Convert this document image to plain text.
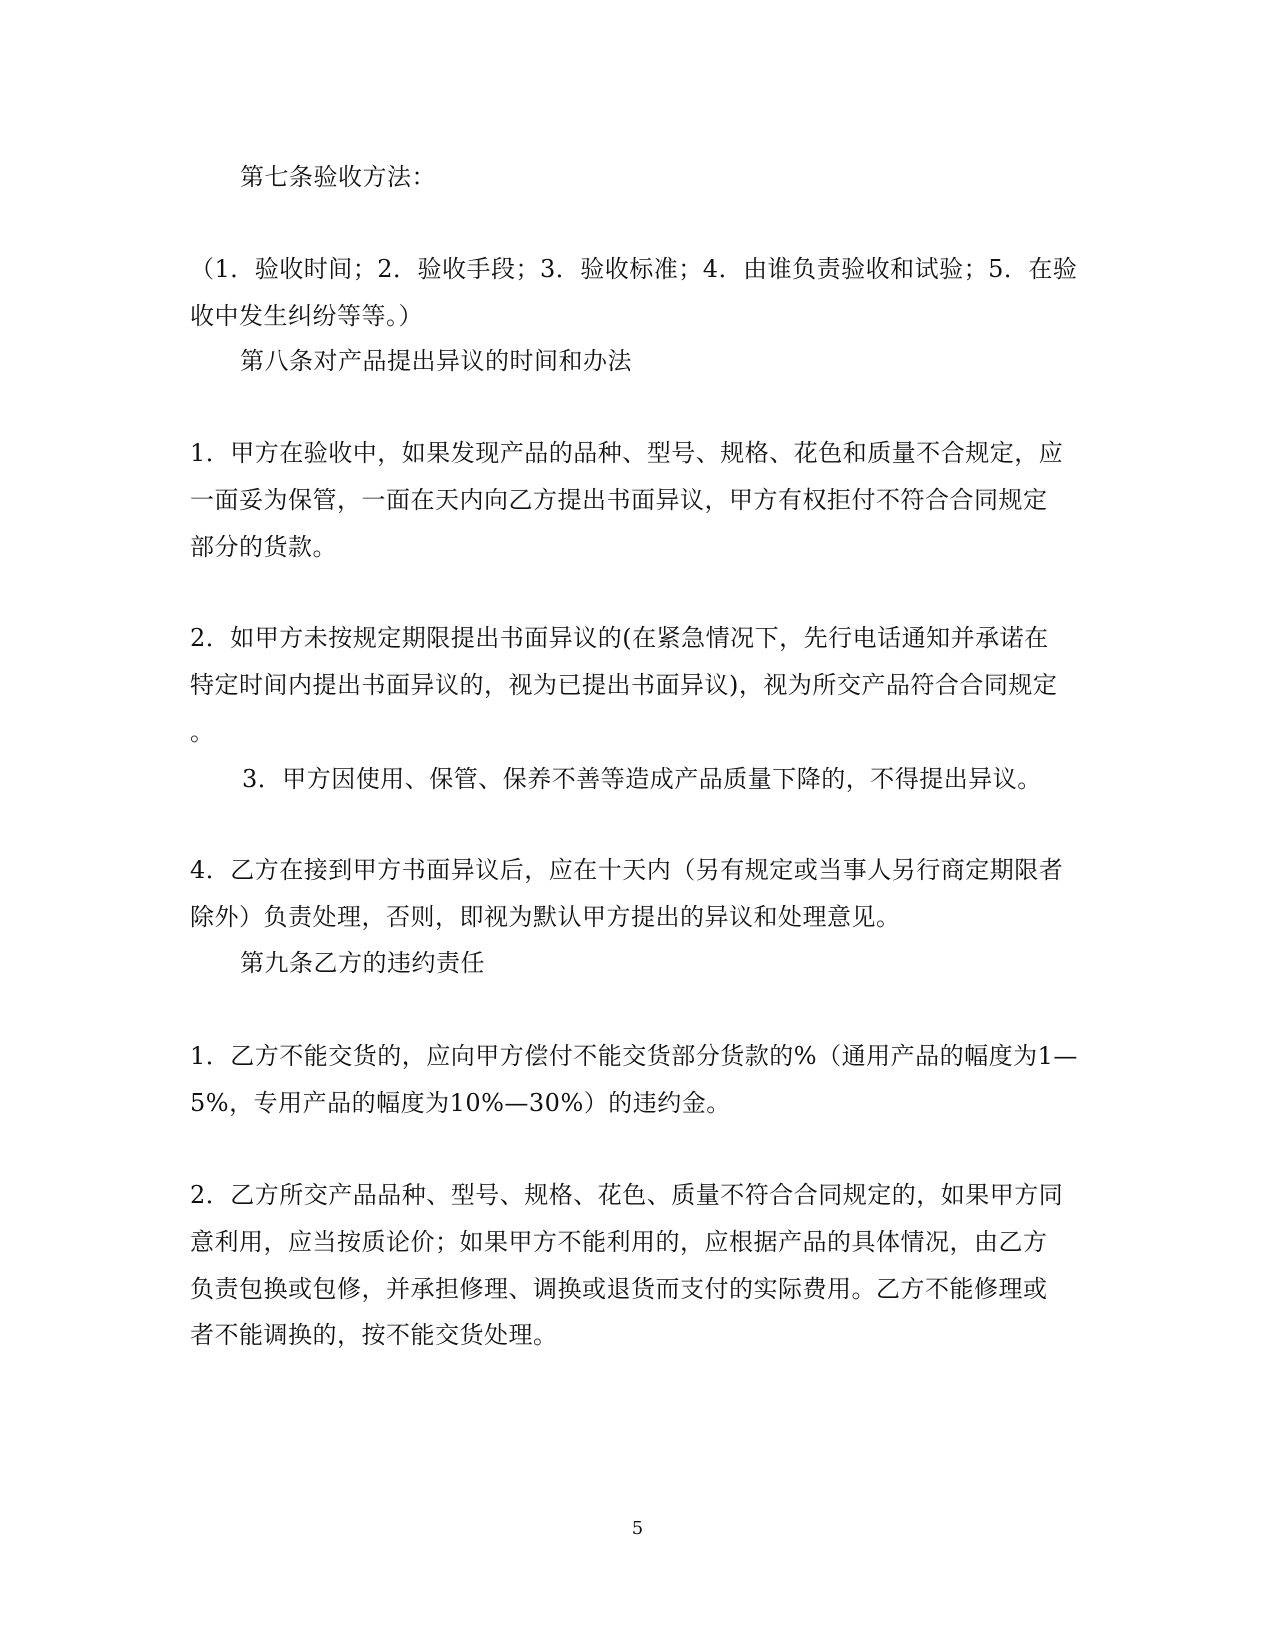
第七条验收方法：
（1．验收时间；2．验收手段；3．验收标准；4．由谁负责验收和试验；5．在验
收中发生纠纷等等。）
第八条对产品提出异议的时间和办法
1．甲方在验收中，如果发现产品的品种、型号、规格、花色和质量不合规定，应
一面妥为保管，一面在天内向乙方提出书面异议，甲方有权拒付不符合合同规定
部分的货款。
2．如甲方未按规定期限提出书面异议的(在紧急情况下，先行电话通知并承诺在
特定时间内提出书面异议的，视为已提出书面异议)，视为所交产品符合合同规定
。
3．甲方因使用、保管、保养不善等造成产品质量下降的，不得提出异议。
4．乙方在接到甲方书面异议后，应在十天内（另有规定或当事人另行商定期限者
除外）负责处理，否则，即视为默认甲方提出的异议和处理意见。
第九条乙方的违约责任
1．乙方不能交货的，应向甲方偿付不能交货部分货款的%（通用产品的幅度为1—
5%，专用产品的幅度为10%—30%）的违约金。
2．乙方所交产品品种、型号、规格、花色、质量不符合合同规定的，如果甲方同
意利用，应当按质论价；如果甲方不能利用的，应根据产品的具体情况，由乙方
负责包换或包修，并承担修理、调换或退货而支付的实际费用。乙方不能修理或
者不能调换的，按不能交货处理。
5
